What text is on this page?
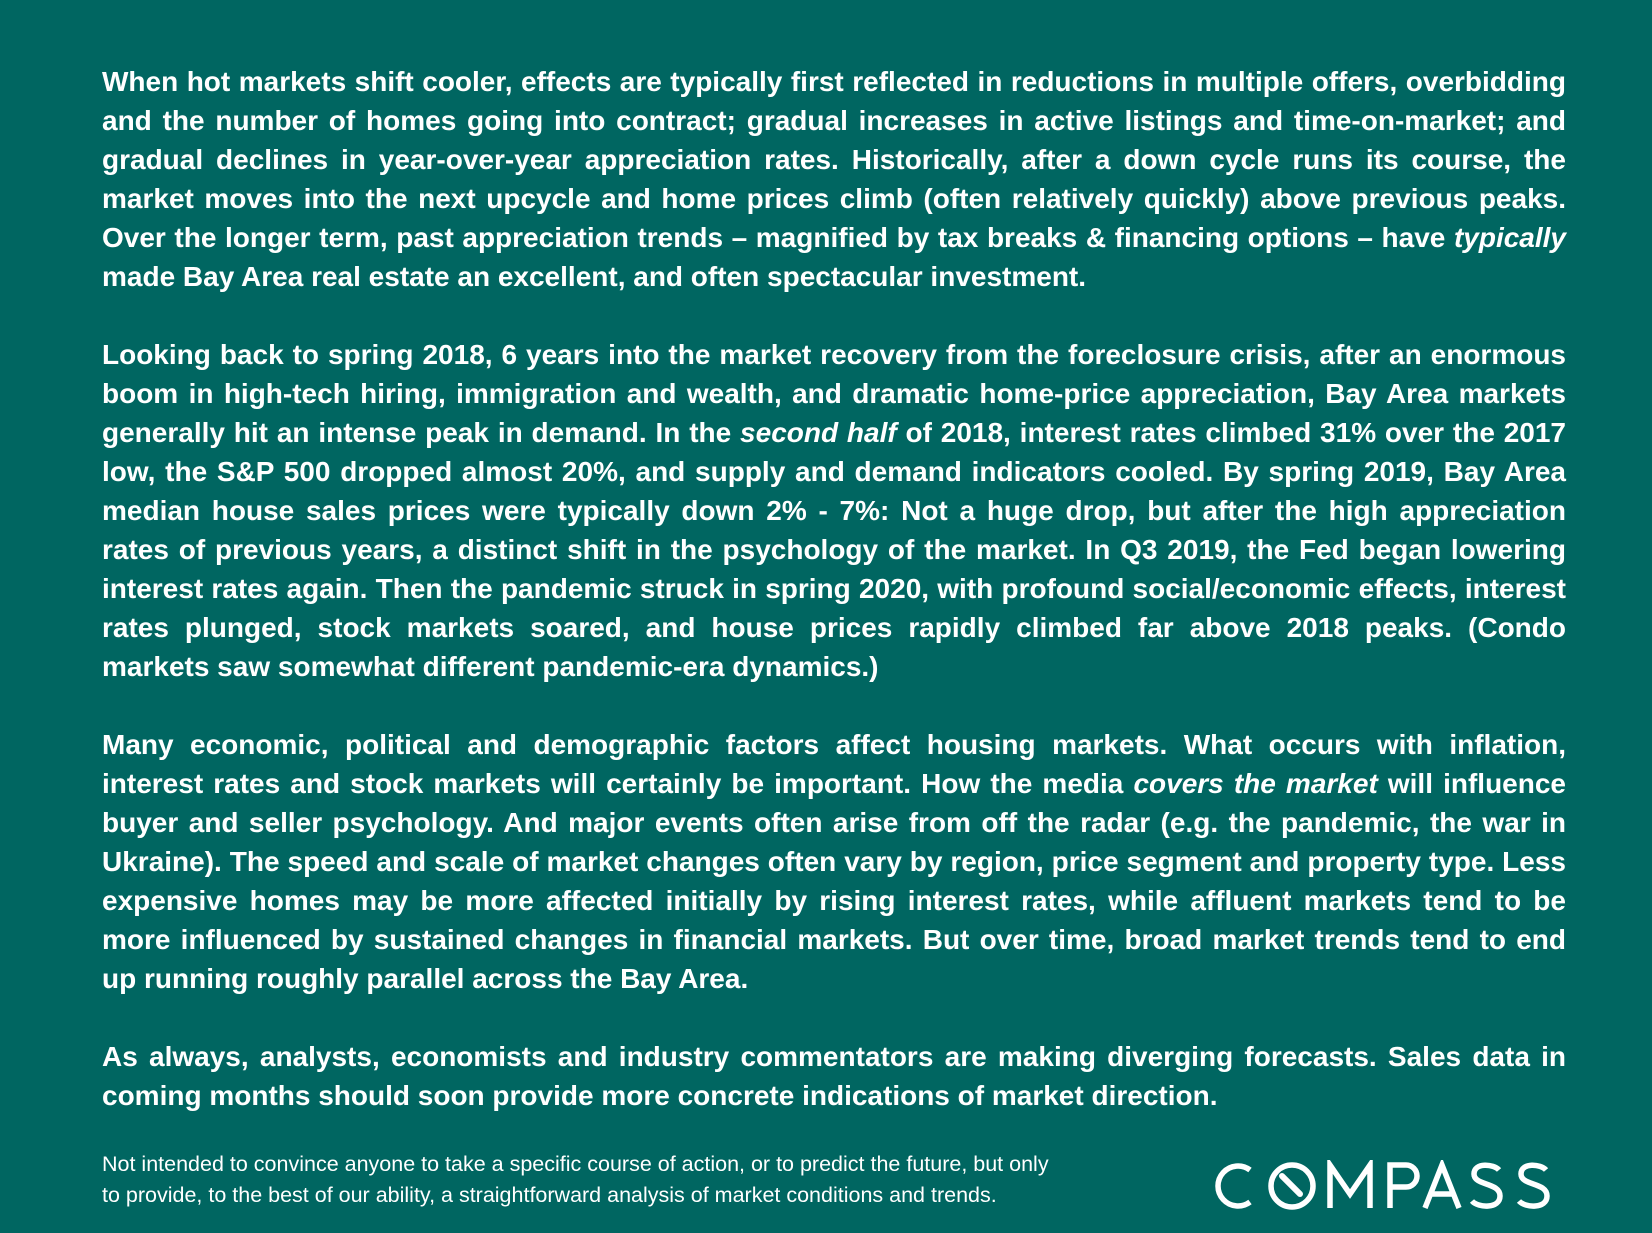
When hot markets shift cooler, effects are typically first reflected in reductions in multiple offers, overbidding and the number of homes going into contract; gradual increases in active listings and time-on-market; and gradual declines in year-over-year appreciation rates. Historically, after a down cycle runs its course, the market moves into the next upcycle and home prices climb (often relatively quickly) above previous peaks. Over the longer term, past appreciation trends – magnified by tax breaks & financing options – have typically made Bay Area real estate an excellent, and often spectacular investment.

Looking back to spring 2018, 6 years into the market recovery from the foreclosure crisis, after an enormous boom in high-tech hiring, immigration and wealth, and dramatic home-price appreciation, Bay Area markets generally hit an intense peak in demand. In the second half of 2018, interest rates climbed 31% over the 2017 low, the S&P 500 dropped almost 20%, and supply and demand indicators cooled. By spring 2019, Bay Area median house sales prices were typically down 2% - 7%: Not a huge drop, but after the high appreciation rates of previous years, a distinct shift in the psychology of the market. In Q3 2019, the Fed began lowering interest rates again. Then the pandemic struck in spring 2020, with profound social/economic effects, interest rates plunged, stock markets soared, and house prices rapidly climbed far above 2018 peaks. (Condo markets saw somewhat different pandemic-era dynamics.)

Many economic, political and demographic factors affect housing markets. What occurs with inflation, interest rates and stock markets will certainly be important. How the media covers the market will influence buyer and seller psychology. And major events often arise from off the radar (e.g. the pandemic, the war in Ukraine). The speed and scale of market changes often vary by region, price segment and property type. Less expensive homes may be more affected initially by rising interest rates, while affluent markets tend to be more influenced by sustained changes in financial markets. But over time, broad market trends tend to end up running roughly parallel across the Bay Area.

As always, analysts, economists and industry commentators are making diverging forecasts. Sales data in coming months should soon provide more concrete indications of market direction.

Not intended to convince anyone to take a specific course of action, or to predict the future, but only
to provide, to the best of our ability, a straightforward analysis of market conditions and trends.
